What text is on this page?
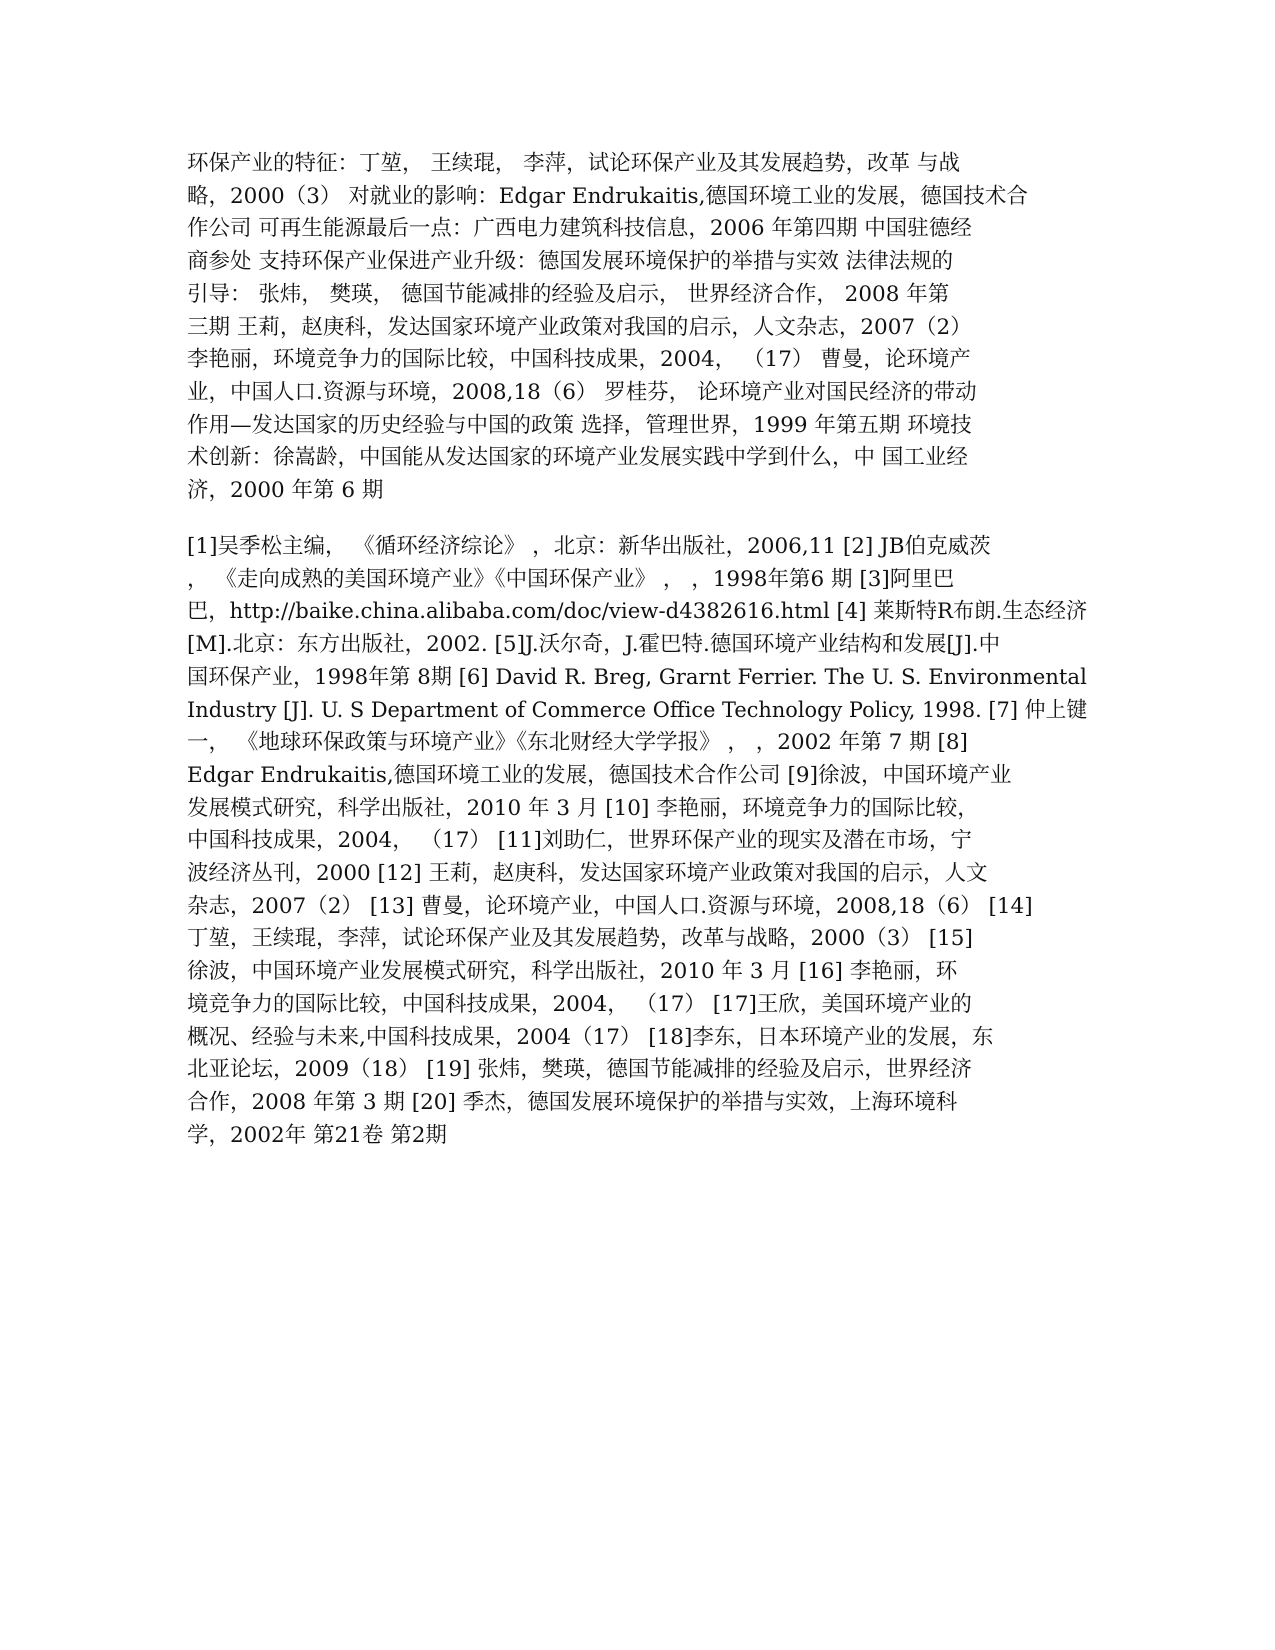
环保产业的特征：丁堃， 王续琨， 李萍，试论环保产业及其发展趋势，改革 与战
略，2000（3） 对就业的影响：Edgar Endrukaitis,德国环境工业的发展，德国技术合
作公司 可再生能源最后一点：广西电力建筑科技信息，2006 年第四期 中国驻德经
商参处 支持环保产业保进产业升级：德国发展环境保护的举措与实效 法律法规的
引导： 张炜， 樊瑛， 德国节能减排的经验及启示， 世界经济合作， 2008 年第
三期 王莉，赵庚科，发达国家环境产业政策对我国的启示，人文杂志，2007（2）
李艳丽，环境竞争力的国际比较，中国科技成果，2004， （17） 曹曼，论环境产
业，中国人口.资源与环境，2008,18（6） 罗桂芬， 论环境产业对国民经济的带动
作用—发达国家的历史经验与中国的政策 选择，管理世界，1999 年第五期 环境技
术创新：徐嵩龄，中国能从发达国家的环境产业发展实践中学到什么，中 国工业经
济，2000 年第 6 期

[1]吴季松主编， 《循环经济综论》 ，北京：新华出版社，2006,11 [2] JB伯克威茨
， 《走向成熟的美国环境产业》《中国环保产业》 ， ，1998年第6 期 [3]阿里巴
巴，http://baike.china.alibaba.com/doc/view-d4382616.html [4] 莱斯特R布朗.生态经济
[M].北京：东方出版社，2002. [5]J.沃尔奇，J.霍巴特.德国环境产业结构和发展[J].中
国环保产业，1998年第 8期 [6] David R. Breg, Grarnt Ferrier. The U. S. Environmental
Industry [J]. U. S Department of Commerce Office Technology Policy, 1998. [7] 仲上键
一， 《地球环保政策与环境产业》《东北财经大学学报》 ， ，2002 年第 7 期 [8]
Edgar Endrukaitis,德国环境工业的发展，德国技术合作公司 [9]徐波，中国环境产业
发展模式研究，科学出版社，2010 年 3 月 [10] 李艳丽，环境竞争力的国际比较，
中国科技成果，2004， （17） [11]刘助仁，世界环保产业的现实及潜在市场，宁
波经济丛刊，2000 [12] 王莉，赵庚科，发达国家环境产业政策对我国的启示，人文
杂志，2007（2） [13] 曹曼，论环境产业，中国人口.资源与环境，2008,18（6） [14]
丁堃，王续琨，李萍，试论环保产业及其发展趋势，改革与战略，2000（3） [15]
徐波，中国环境产业发展模式研究，科学出版社，2010 年 3 月 [16] 李艳丽，环
境竞争力的国际比较，中国科技成果，2004， （17） [17]王欣，美国环境产业的
概况、经验与未来,中国科技成果，2004（17） [18]李东，日本环境产业的发展，东
北亚论坛，2009（18） [19] 张炜，樊瑛，德国节能减排的经验及启示，世界经济
合作，2008 年第 3 期 [20] 季杰，德国发展环境保护的举措与实效，上海环境科
学，2002年 第21卷 第2期
